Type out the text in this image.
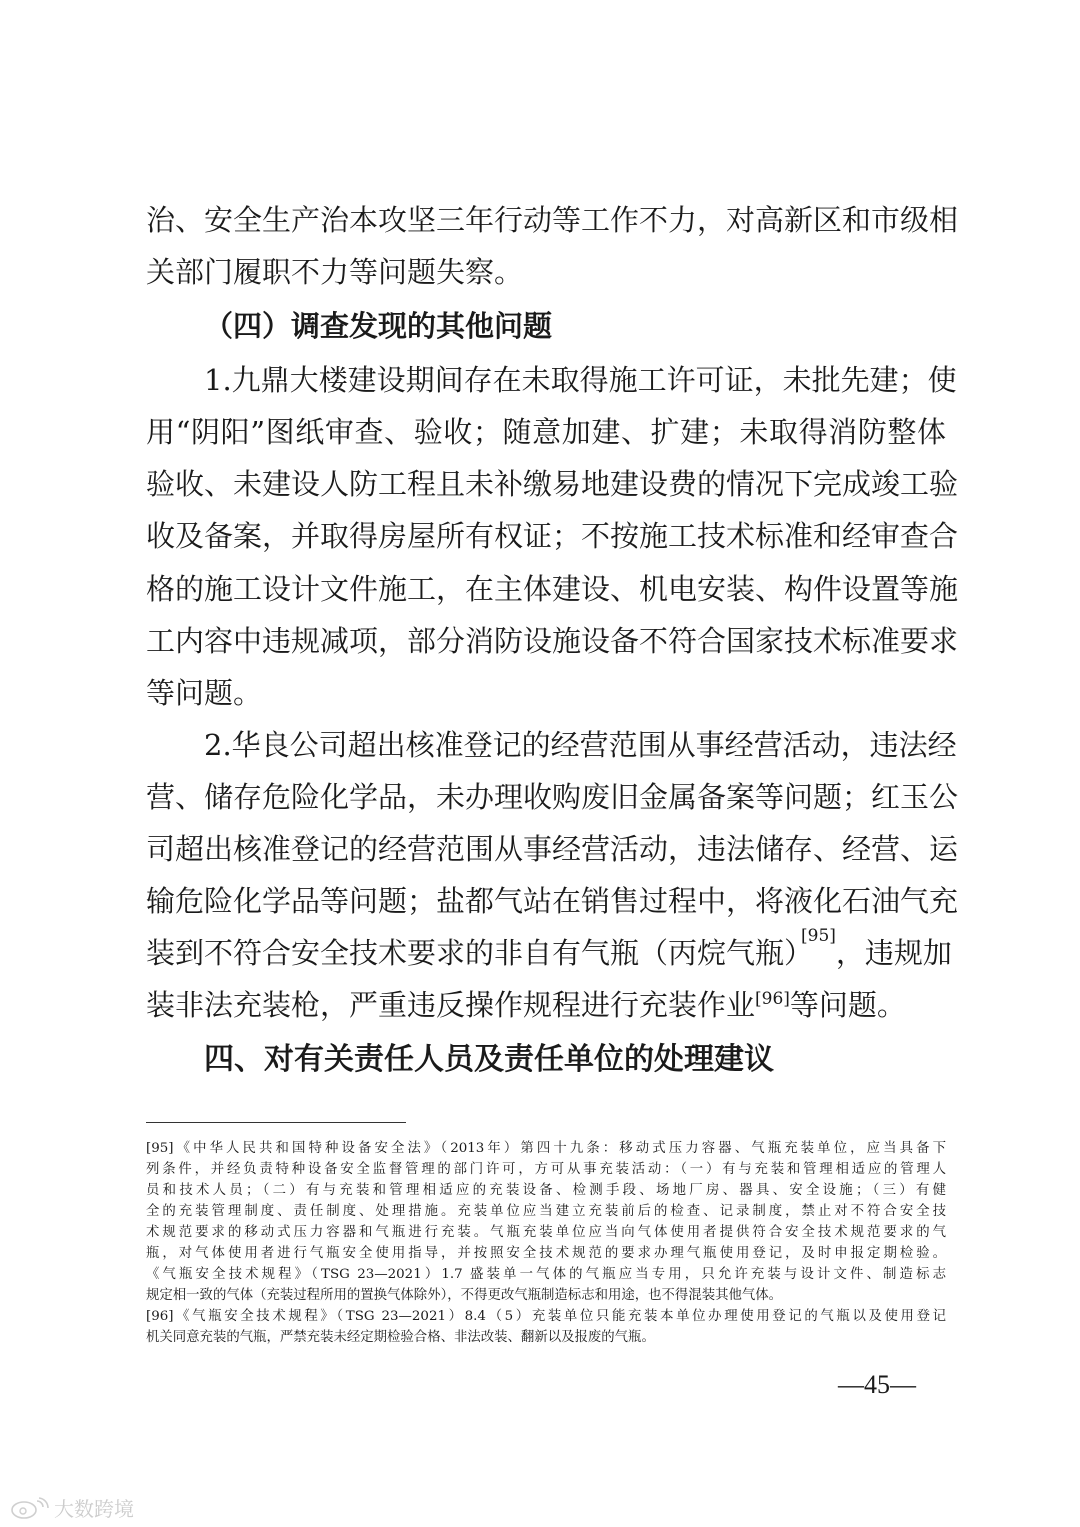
治、安全生产治本攻坚三年行动等工作不力，对高新区和市级相
关部门履职不力等问题失察。
（四）调查发现的其他问题
1.九鼎大楼建设期间存在未取得施工许可证，未批先建；使
用“阴阳”图纸审查、验收；随意加建、扩建；未取得消防整体
验收、未建设人防工程且未补缴易地建设费的情况下完成竣工验
收及备案，并取得房屋所有权证；不按施工技术标准和经审查合
格的施工设计文件施工，在主体建设、机电安装、构件设置等施
工内容中违规减项，部分消防设施设备不符合国家技术标准要求
等问题。
2.华良公司超出核准登记的经营范围从事经营活动，违法经
营、储存危险化学品，未办理收购废旧金属备案等问题；红玉公
司超出核准登记的经营范围从事经营活动，违法储存、经营、运
输危险化学品等问题；盐都气站在销售过程中，将液化石油气充
装到不符合安全技术要求的非自有气瓶（丙烷气瓶）
[95] ，违规加
装非法充装枪，严重违反操作规程进行充装作业[96]等问题。
四、对有关责任人员及责任单位的处理建议
[95]《中华人民共和国特种设备安全法》（2013年）第四十九条：移动式压力容器、气瓶充装单位，应当具备下
列条件，并经负责特种设备安全监督管理的部门许可，方可从事充装活动：（一）有与充装和管理相适应的管理人
员和技术人员；（二）有与充装和管理相适应的充装设备、检测手段、场地厂房、器具、安全设施；（三）有健
全的充装管理制度、责任制度、处理措施。充装单位应当建立充装前后的检查、记录制度，禁止对不符合安全技
术规范要求的移动式压力容器和气瓶进行充装。气瓶充装单位应当向气体使用者提供符合安全技术规范要求的气
瓶，对气体使用者进行气瓶安全使用指导，并按照安全技术规范的要求办理气瓶使用登记，及时申报定期检验。
《气瓶安全技术规程》（TSG 23—2021）1.7 盛装单一气体的气瓶应当专用，只允许充装与设计文件、制造标志
规定相一致的气体（充装过程所用的置换气体除外），不得更改气瓶制造标志和用途，也不得混装其他气体。
[96]《气瓶安全技术规程》（TSG 23—2021）8.4（5）充装单位只能充装本单位办理使用登记的气瓶以及使用登记
机关同意充装的气瓶，严禁充装未经定期检验合格、非法改装、翻新以及报废的气瓶。
—45—
大数跨境
